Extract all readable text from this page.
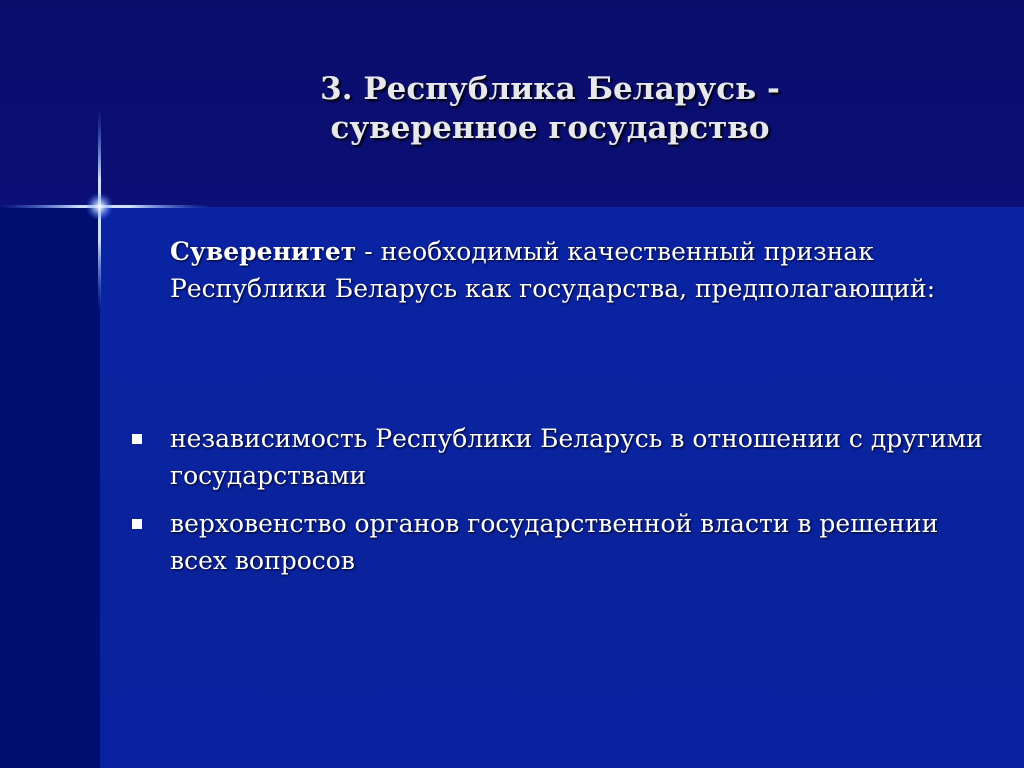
3. Республика Беларусь -
суверенное государство
Суверенитет - необходимый качественный признак Республики Беларусь как государства, предполагающий:
независимость Республики Беларусь в отношении с другими государствами
верховенство органов государственной власти в решении всех вопросов
